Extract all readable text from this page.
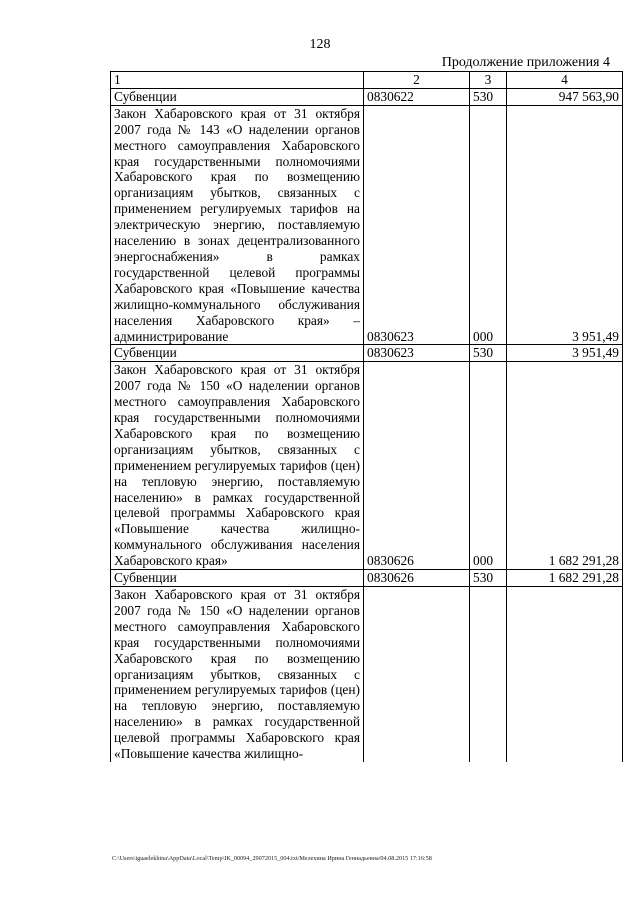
128
Продолжение приложения 4
1	2	3	4
Субвенции	0830622	530	947 563,90
Закон Хабаровского края от 31 октября 2007 года № 143 «О наделении органов местного самоуправления Хабаровского края государственными полномочиями Хабаровского края по возмещению организациям убытков, связанных с применением регулируемых тарифов на электрическую энергию, поставляемую населению в зонах децентрализованного энергоснабжения» в рамках государственной целевой программы Хабаровского края «Повышение качества жилищно-коммунального обслуживания населения Хабаровского края» – администрирование	0830623	000	3 951,49
Субвенции	0830623	530	3 951,49
Закон Хабаровского края от 31 октября 2007 года № 150 «О наделении органов местного самоуправления Хабаровского края государственными полномочиями Хабаровского края по возмещению организациям убытков, связанных с применением регулируемых тарифов (цен) на тепловую энергию, поставляемую населению» в рамках государственной целевой программы Хабаровского края «Повышение качества жилищно-коммунального обслуживания населения Хабаровского края»	0830626	000	1 682 291,28
Субвенции	0830626	530	1 682 291,28
Закон Хабаровского края от 31 октября 2007 года № 150 «О наделении органов местного самоуправления Хабаровского края государственными полномочиями Хабаровского края по возмещению организациям убытков, связанных с применением регулируемых тарифов (цен) на тепловую энергию, поставляемую населению» в рамках государственной целевой программы Хабаровского края «Повышение качества жилищно-			
C:\Users\iguaelekhina\AppData\Local\Temp\IK_00094_29072015_004.txt/Мелехина Ирина Геннадьевна/04.08.2015 17:16:58
